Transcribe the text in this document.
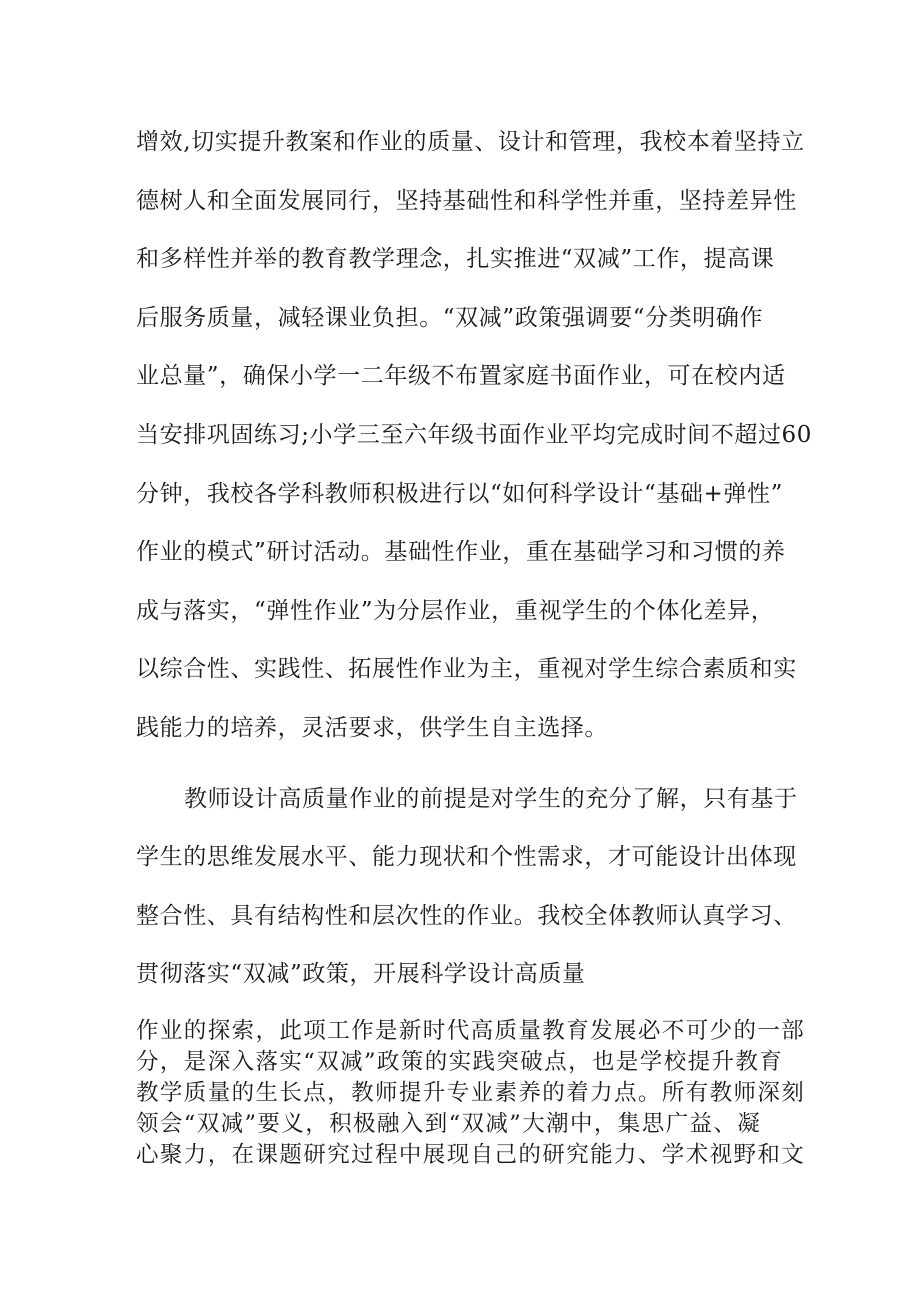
增效,切实提升教案和作业的质量、设计和管理，我校本着坚持立
德树人和全面发展同行，坚持基础性和科学性并重，坚持差异性
和多样性并举的教育教学理念，扎实推进“双减”工作，提高课
后服务质量，减轻课业负担。“双减”政策强调要“分类明确作
业总量”，确保小学一二年级不布置家庭书面作业，可在校内适
当安排巩固练习;小学三至六年级书面作业平均完成时间不超过60
分钟，我校各学科教师积极进行以“如何科学设计“基础+弹性”
作业的模式”研讨活动。基础性作业，重在基础学习和习惯的养
成与落实，“弹性作业”为分层作业，重视学生的个体化差异，
以综合性、实践性、拓展性作业为主，重视对学生综合素质和实
践能力的培养，灵活要求，供学生自主选择。
教师设计高质量作业的前提是对学生的充分了解，只有基于
学生的思维发展水平、能力现状和个性需求，才可能设计出体现
整合性、具有结构性和层次性的作业。我校全体教师认真学习、
贯彻落实“双减”政策，开展科学设计高质量
作业的探索，此项工作是新时代高质量教育发展必不可少的一部
分，是深入落实“双减”政策的实践突破点，也是学校提升教育
教学质量的生长点，教师提升专业素养的着力点。所有教师深刻
领会“双减”要义，积极融入到“双减”大潮中，集思广益、凝
心聚力，在课题研究过程中展现自己的研究能力、学术视野和文
